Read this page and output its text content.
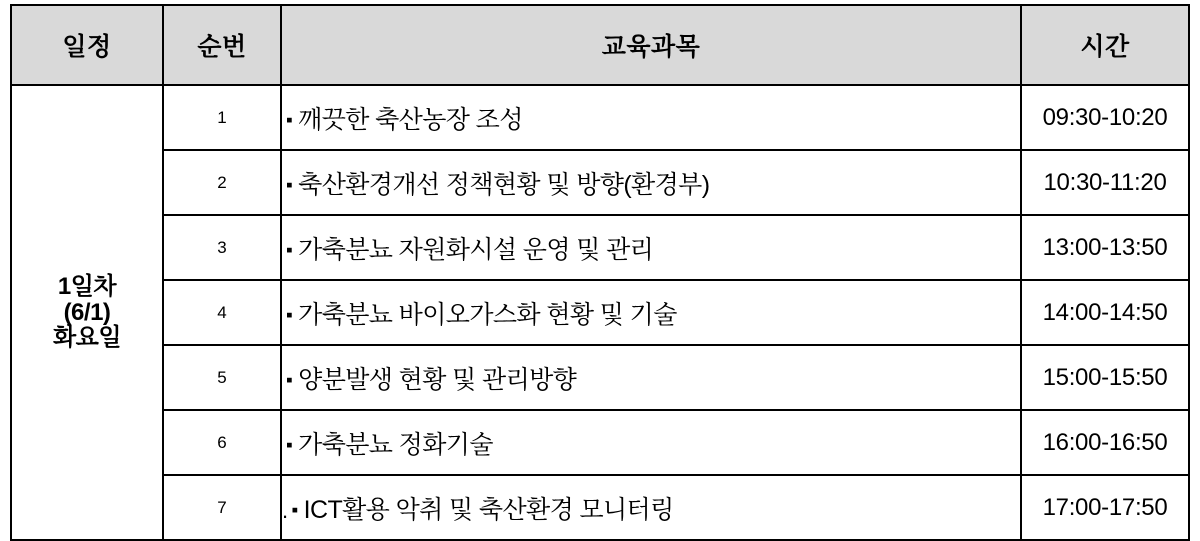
일정	순번	교육과목	시간

1일차
(6/1)
화요일	1	▪ 깨끗한 축산농장 조성	09:30-10:20
	2	▪ 축산환경개선 정책현황 및 방향(환경부)	10:30-11:20
	3	▪ 가축분뇨 자원화시설 운영 및 관리	13:00-13:50
	4	▪ 가축분뇨 바이오가스화 현황 및 기술	14:00-14:50
	5	▪ 양분발생 현황 및 관리방향	15:00-15:50
	6	▪ 가축분뇨 정화기술	16:00-16:50
	7	. ▪ ICT활용 악취 및 축산환경 모니터링	17:00-17:50
